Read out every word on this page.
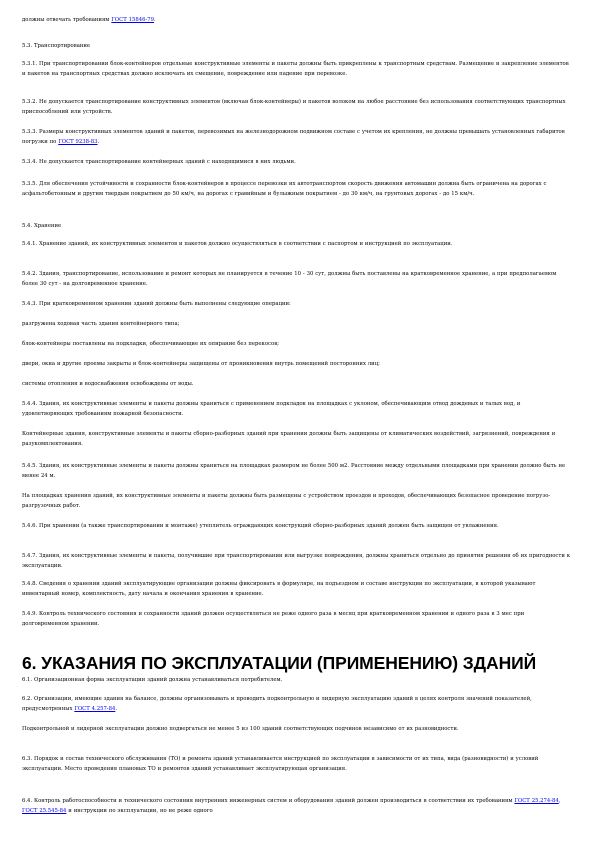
должны отвечать требованиям ГОСТ 15846-79.

5.3. Транспортирование

5.3.1. При транспортировании блок-контейнеров отдельные конструктивные элементы и пакеты должны быть прикреплены к транспортным средствам. Размещение и закрепление элементов и пакетов на транспортных средствах должно исключать их смещение, повреждение или падение при перевозке.

5.3.2. Не допускается транспортирование конструктивных элементов (включая блок-контейнеры) и пакетов волоком на любое расстояние без использования соответствующих транспортных приспособлений или устройств.

5.3.3. Размеры конструктивных элементов зданий и пакетов, перевозимых на железнодорожном подвижном составе с учетом их крепления, не должны превышать установленных габаритов погрузки по ГОСТ 9238-83.

5.3.4. Не допускается транспортирование контейнерных зданий с находящимися в них людьми.

5.3.5. Для обеспечения устойчивости и сохранности блок-контейнеров в процессе перевозки их автотранспортом скорость движения автомашин должна быть ограничена на дорогах с асфальтобетонным и другим твердым покрытием до 50 км/ч, на дорогах с гравийным и булыжным покрытием - до 30 км/ч, на грунтовых дорогах - до 15 км/ч.

5.4. Хранение

5.4.1. Хранение зданий, их конструктивных элементов и пакетов должно осуществляться в соответствии с паспортом и инструкцией по эксплуатации.

5.4.2. Здания, транспортирование, использование и ремонт которых не планируется в течение 10 - 30 сут, должны быть поставлены на кратковременное хранение, а при предполагаемом более 30 сут - на долговременное хранение.

5.4.3. При кратковременном хранении зданий должны быть выполнены следующие операции:

разгружена ходовая часть здания контейнерного типа;

блок-контейнеры поставлены на подкладки, обеспечивающие их опирание без перекосов;

двери, окна и другие проемы закрыты и блок-контейнеры защищены от проникновения внутрь помещений посторонних лиц;

системы отопления и водоснабжения освобождены от воды.

5.4.4. Здания, их конструктивные элементы и пакеты должны храниться с применением подкладок на площадках с уклоном, обеспечивающим отвод дождевых и талых вод, и удовлетворяющих требованиям пожарной безопасности.

Контейнерные здания, конструктивные элементы и пакеты сборно-разборных зданий при хранении должны быть защищены от климатических воздействий, загрязнений, повреждения и разукомплектования.

5.4.5. Здания, их конструктивные элементы и пакеты должны храниться на площадках размером не более 500 м2. Расстояние между отдельными площадками при хранении должно быть не менее 24 м.

На площадках хранения зданий, их конструктивные элементы и пакеты должны быть размещены с устройством проездов и проходов, обеспечивающих безопасное проведение погрузо-разгрузочных работ.

5.4.6. При хранении (а также транспортировании и монтаже) утеплитель ограждающих конструкций сборно-разборных зданий должен быть защищен от увлажнения.

5.4.7. Здания, их конструктивные элементы и пакеты, получившие при транспортировании или выгрузке повреждения, должны храниться отдельно до принятия решения об их пригодности к эксплуатации.

5.4.8. Сведения о хранении зданий эксплуатирующие организации должны фиксировать в формуляре, на подъездном и составе инструкции по эксплуатации, в которой указывают инвентарный номер, комплектность, дату начала и окончания хранения в хранение.

5.4.9. Контроль технического состояния и сохранности зданий должен осуществляться не реже одного раза в месяц при кратковременном хранении и одного раза в 3 мес при долговременном хранении.

6. УКАЗАНИЯ ПО ЭКСПЛУАТАЦИИ (ПРИМЕНЕНИЮ) ЗДАНИЙ

6.1. Организационная форма эксплуатации зданий должна устанавливаться потребителем.

6.2. Организации, имеющие здания на балансе, должны организовывать и проводить подконтрольную и лидерную эксплуатацию зданий в целях контроля значений показателей, предусмотренных ГОСТ 4.257-84.

Подконтрольной и лидерной эксплуатации должно подвергаться не менее 5 из 100 зданий соответствующих подчинов независимо от их разновидности.

6.3. Порядок и состав технического обслуживания (ТО) и ремонта зданий устанавливается инструкцией по эксплуатации в зависимости от их типа, вида (разновидности) и условий эксплуатации. Место проведения плановых ТО и ремонтов зданий устанавливает эксплуатирующая организация.

6.4. Контроль работоспособности и технического состояния внутренних инженерных систем и оборудования зданий должен производиться в соответствии их требованиям ГОСТ 25.274-84, ГОСТ 25.545-84 и инструкции по эксплуатации, но не реже одного
